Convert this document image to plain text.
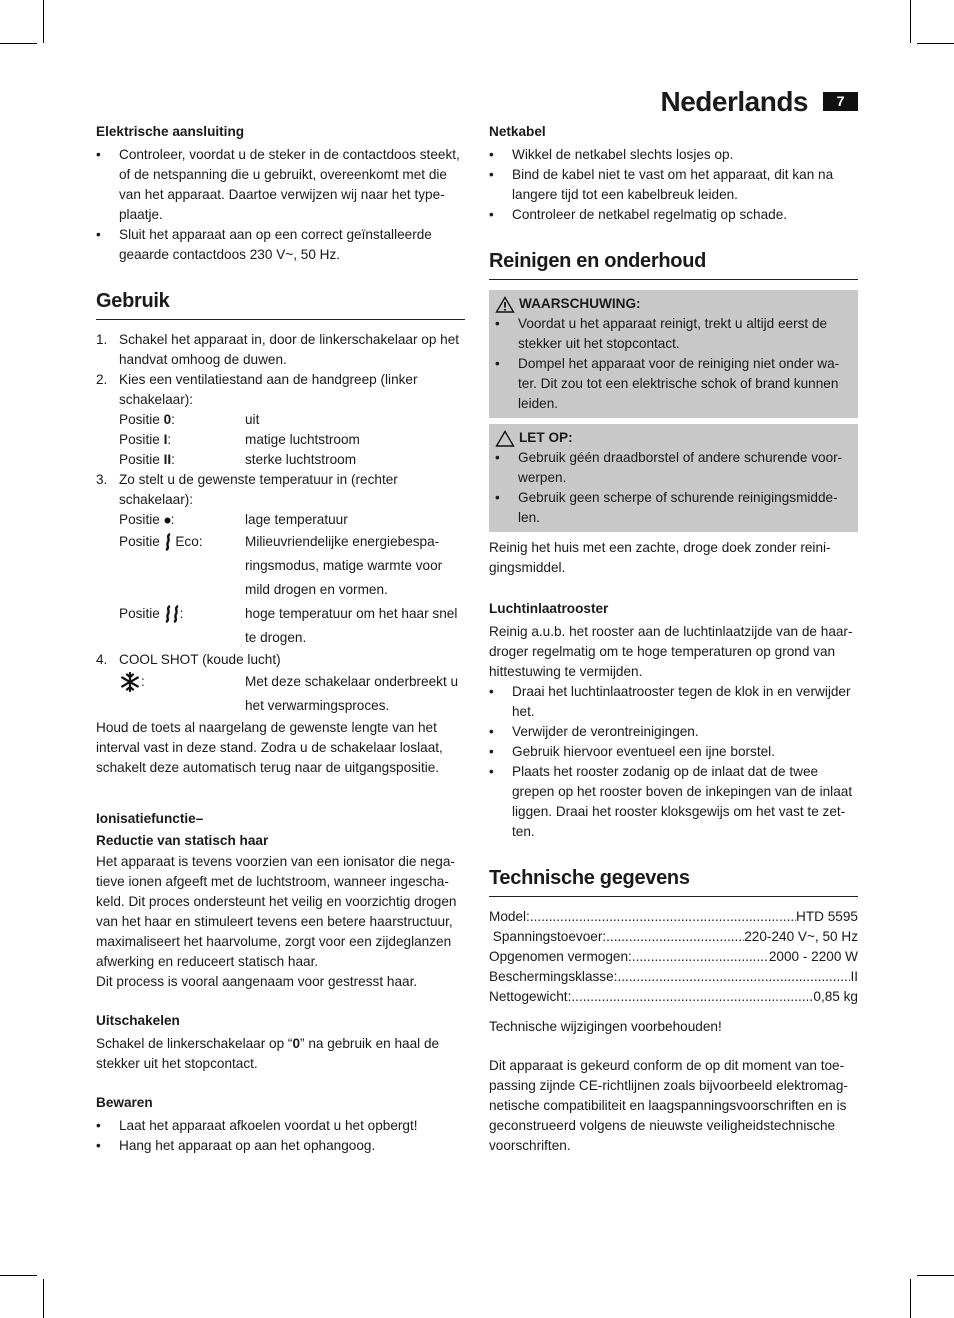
Nederlands	7

Elektrische aansluiting

• Controleer, voordat u de steker in de contactdoos steekt, of de netspanning die u gebruikt, overeenkomt met die van het apparaat. Daartoe verwijzen wij naar het type-plaatje.
• Sluit het apparaat aan op een correct geïnstalleerde geaarde contactdoos 230 V~, 50 Hz.
Gebruik
1. Schakel het apparaat in, door de linkerschakelaar op het handvat omhoog de duwen.
2. Kies een ventilatiestand aan de handgreep (linker schakelaar):
Positie 0:	uit
Positie I:	matige luchtstroom
Positie II:	sterke luchtstroom
3. Zo stelt u de gewenste temperatuur in (rechter schakelaar):
Positie :	lage temperatuur
Positie  Eco:	Milieuvriendelijke energiebespa-ringsmodus, matige warmte voor mild drogen en vormen.
Positie :	hoge temperatuur om het haar snel te drogen.
4. COOL SHOT (koude lucht)
:	Met deze schakelaar onderbreekt u het verwarmingsproces.

Houd de toets al naargelang de gewenste lengte van het interval vast in deze stand. Zodra u de schakelaar loslaat, schakelt deze automatisch terug naar de uitgangspositie.

Ionisatiefunctie–

Reductie van statisch haar

Het apparaat is tevens voorzien van een ionisator die nega-tieve ionen afgeeft met de luchtstroom, wanneer ingescha-keld. Dit proces ondersteunt het veilig en voorzichtig drogen van het haar en stimuleert tevens een betere haarstructuur, maximaliseert het haarvolume, zorgt voor een zijdeglanzen afwerking en reduceert statisch haar.

Dit process is vooral aangenaam voor gestresst haar.

Uitschakelen

Schakel de linkerschakelaar op “0” na gebruik en haal de stekker uit het stopcontact.

Bewaren

• Laat het apparaat afkoelen voordat u het opbergt!
• Hang het apparaat op aan het ophangoog.

Netkabel

• Wikkel de netkabel slechts losjes op.
• Bind de kabel niet te vast om het apparaat, dit kan na langere tijd tot een kabelbreuk leiden.
• Controleer de netkabel regelmatig op schade.
Reinigen en onderhoud
WAARSCHUWING:
• Voordat u het apparaat reinigt, trekt u altijd eerst de stekker uit het stopcontact.
• Dompel het apparaat voor de reiniging niet onder wa-ter. Dit zou tot een elektrische schok of brand kunnen leiden.
LET OP:
• Gebruik géén draadborstel of andere schurende voor-werpen.
• Gebruik geen scherpe of schurende reinigingsmidde-len.

Reinig het huis met een zachte, droge doek zonder reini-gingsmiddel.

Luchtinlaatrooster

Reinig a.u.b. het rooster aan de luchtinlaatzijde van de haar-droger regelmatig om te hoge temperaturen op grond van hittestuwing te vermijden.

• Draai het luchtinlaatrooster tegen de klok in en verwijder het.
• Verwijder de verontreinigingen.
• Gebruik hiervoor eventueel een ijne borstel.
• Plaats het rooster zodanig op de inlaat dat de twee grepen op het rooster boven de inkepingen van de inlaat liggen. Draai het rooster kloksgewijs om het vast te zet-ten.
Technische gegevens
Model: .....	HTD 5595
Spanningstoevoer: .....	220-240 V~, 50 Hz
Opgenomen vermogen: .....	2000 - 2200 W
Beschermingsklasse: .....	II
Nettogewicht: .....	0,85 kg

Technische wijzigingen voorbehouden!

Dit apparaat is gekeurd conform de op dit moment van toe-passing zijnde CE-richtlijnen zoals bijvoorbeeld elektromag-netische compatibiliteit en laagspanningsvoorschriften en is geconstrueerd volgens de nieuwste veiligheidstechnische voorschriften.
